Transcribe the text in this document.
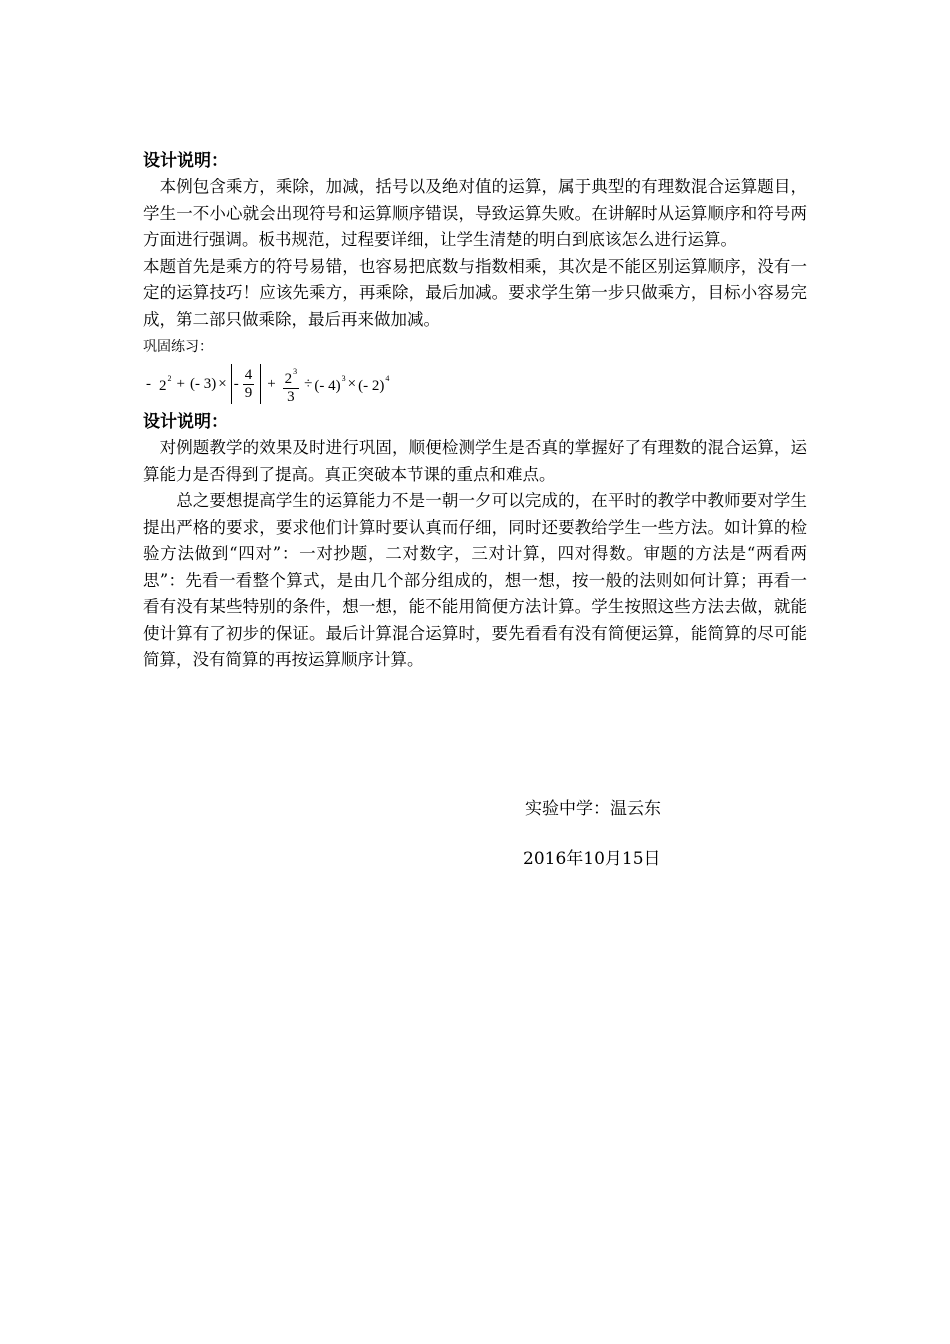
设计说明：
　本例包含乘方，乘除，加减，括号以及绝对值的运算，属于典型的有理数混合运算题目，学生一不小心就会出现符号和运算顺序错误，导致运算失败。在讲解时从运算顺序和符号两方面进行强调。板书规范，过程要详细，让学生清楚的明白到底该怎么进行运算。
本题首先是乘方的符号易错，也容易把底数与指数相乘，其次是不能区别运算顺序，没有一定的运算技巧！应该先乘方，再乘除，最后加减。要求学生第一步只做乘方，目标小容易完成，第二部只做乘除，最后再来做加减。
巩固练习：
- $2^2$ + (- 3) × - $\frac{4}{9} + \frac{2^3}{3}$ ÷ (- 4)$^3$ × (- 2)$^4$
设计说明：
　对例题教学的效果及时进行巩固，顺便检测学生是否真的掌握好了有理数的混合运算，运算能力是否得到了提高。真正突破本节课的重点和难点。
　　总之要想提高学生的运算能力不是一朝一夕可以完成的，在平时的教学中教师要对学生提出严格的要求，要求他们计算时要认真而仔细，同时还要教给学生一些方法。如计算的检验方法做到“四对”：一对抄题，二对数字，三对计算，四对得数。审题的方法是“两看两思”：先看一看整个算式，是由几个部分组成的，想一想，按一般的法则如何计算；再看一看有没有某些特别的条件，想一想，能不能用简便方法计算。学生按照这些方法去做，就能使计算有了初步的保证。最后计算混合运算时，要先看看有没有简便运算，能简算的尽可能简算，没有简算的再按运算顺序计算。
实验中学：温云东
2016年10月15日
